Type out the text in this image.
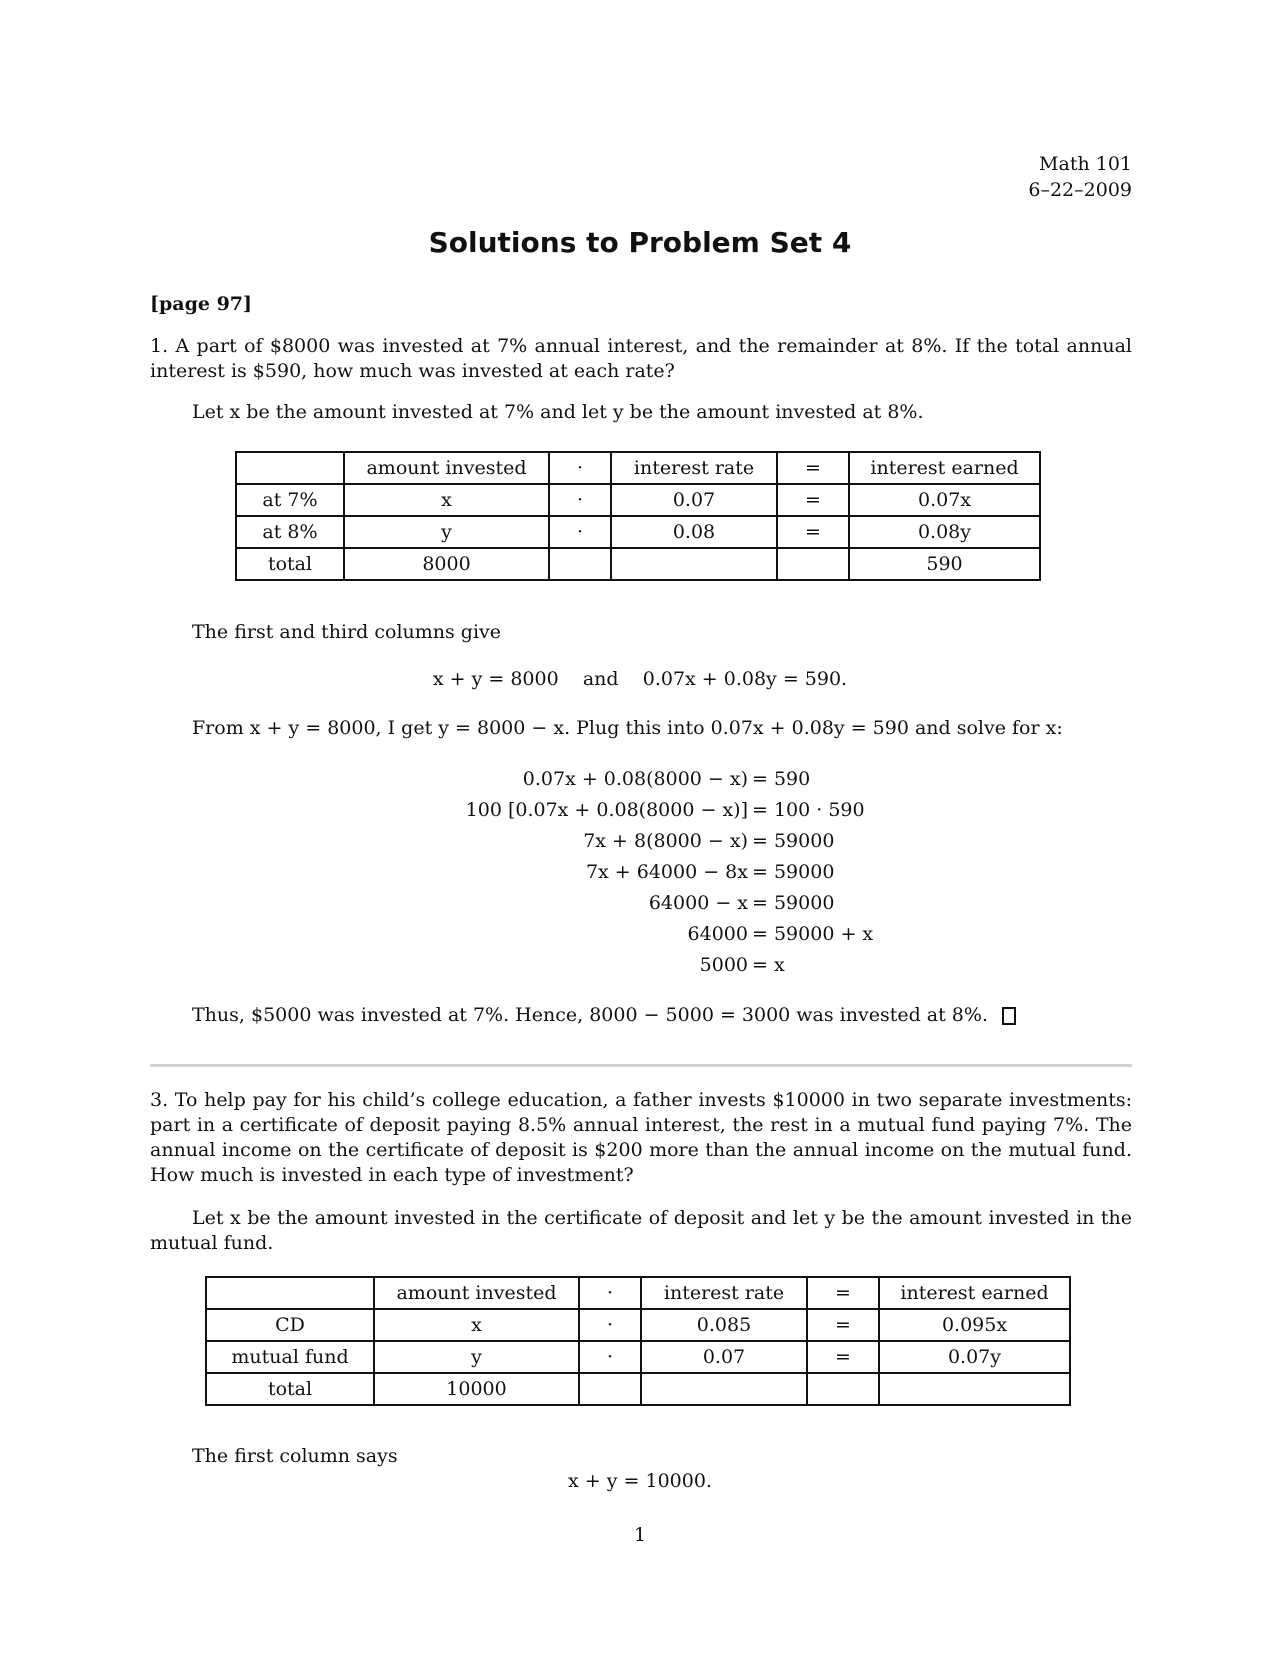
Math 101
6–22–2009
Solutions to Problem Set 4
[page 97]
1. A part of $8000 was invested at 7% annual interest, and the remainder at 8%. If the total annual interest is $590, how much was invested at each rate?
Let x be the amount invested at 7% and let y be the amount invested at 8%.
	amount invested	·	interest rate	=	interest earned
at 7%	x	·	0.07	=	0.07x
at 8%	y	·	0.08	=	0.08y
total	8000				590
The first and third columns give
x + y = 8000    and    0.07x + 0.08y = 590.
From x + y = 8000, I get y = 8000 − x. Plug this into 0.07x + 0.08y = 590 and solve for x:
0.07x + 0.08(8000 − x) = 590
100 [0.07x + 0.08(8000 − x)] = 100 · 590
7x + 8(8000 − x) = 59000
7x + 64000 − 8x = 59000
64000 − x = 59000
64000 = 59000 + x
5000 = x
Thus, $5000 was invested at 7%. Hence, 8000 − 5000 = 3000 was invested at 8%.
3. To help pay for his child’s college education, a father invests $10000 in two separate investments: part in a certificate of deposit paying 8.5% annual interest, the rest in a mutual fund paying 7%. The annual income on the certificate of deposit is $200 more than the annual income on the mutual fund. How much is invested in each type of investment?
Let x be the amount invested in the certificate of deposit and let y be the amount invested in the mutual fund.
	amount invested	·	interest rate	=	interest earned
CD	x	·	0.085	=	0.095x
mutual fund	y	·	0.07	=	0.07y
total	10000				
The first column says
x + y = 10000.
1
